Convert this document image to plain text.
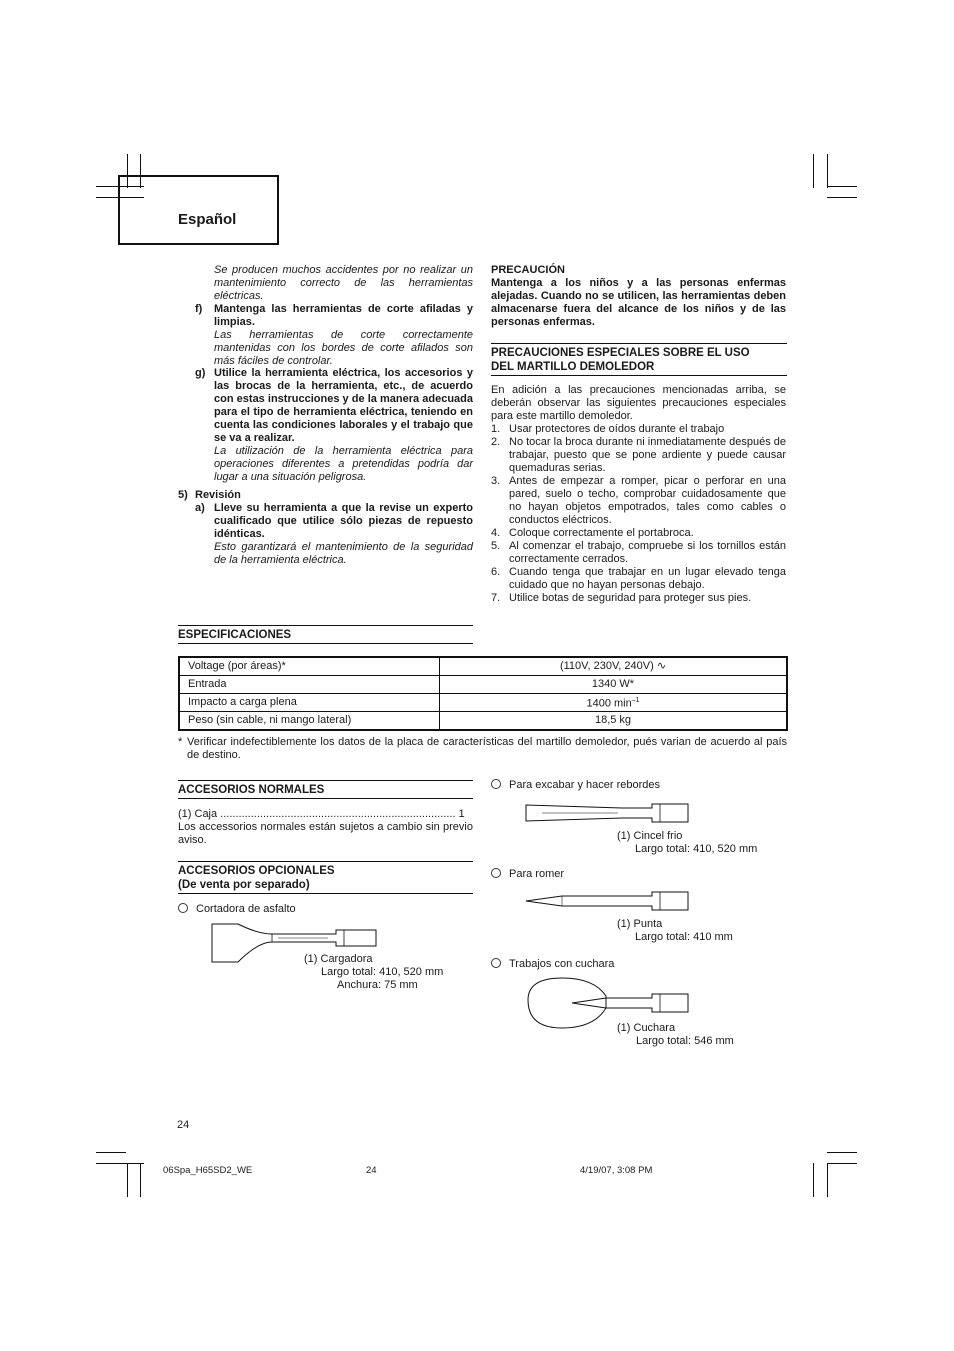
Español
Se producen muchos accidentes por no realizar un mantenimiento correcto de las herramientas eléctricas.
f) Mantenga las herramientas de corte afiladas y limpias.
Las herramientas de corte correctamente mantenidas con los bordes de corte afilados son más fáciles de controlar.
g) Utilice la herramienta eléctrica, los accesorios y las brocas de la herramienta, etc., de acuerdo con estas instrucciones y de la manera adecuada para el tipo de herramienta eléctrica, teniendo en cuenta las condiciones laborales y el trabajo que se va a realizar.
La utilización de la herramienta eléctrica para operaciones diferentes a pretendidas podría dar lugar a una situación peligrosa.
5) Revisión
a) Lleve su herramienta a que la revise un experto cualificado que utilice sólo piezas de repuesto idénticas.
Esto garantizará el mantenimiento de la seguridad de la herramienta eléctrica.
PRECAUCIÓN
Mantenga a los niños y a las personas enfermas alejadas. Cuando no se utilicen, las herramientas deben almacenarse fuera del alcance de los niños y de las personas enfermas.
PRECAUCIONES ESPECIALES SOBRE EL USO
DEL MARTILLO DEMOLEDOR
En adición a las precauciones mencionadas arriba, se deberán observar las siguientes precauciones especiales para este martillo demoledor.
1. Usar protectores de oídos durante el trabajo
2. No tocar la broca durante ni inmediatamente después de trabajar, puesto que se pone ardiente y puede causar quemaduras serias.
3. Antes de empezar a romper, picar o perforar en una pared, suelo o techo, comprobar cuidadosamente que no hayan objetos empotrados, tales como cables o conductos eléctricos.
4. Coloque correctamente el portabroca.
5. Al comenzar el trabajo, compruebe si los tornillos están correctamente cerrados.
6. Cuando tenga que trabajar en un lugar elevado tenga cuidado que no hayan personas debajo.
7. Utilice botas de seguridad para proteger sus pies.
ESPECIFICACIONES
Voltage (por áreas)*	(110V, 230V, 240V) ∿
Entrada	1340 W*
Impacto a carga plena	1400 $\min^{-1}$
Peso (sin cable, ni mango lateral)	18,5 kg
* Verificar indefectiblemente los datos de la placa de características del martillo demoledor, pués varian de acuerdo al país de destino.
ACCESORIOS NORMALES
(1) Caja ............................................................................. 1
Los accessorios normales están sujetos a cambio sin previo aviso.
ACCESORIOS OPCIONALES
(De venta por separado)
Cortadora de asfalto
(1) Cargadora
Largo total: 410, 520 mm
Anchura: 75 mm
Para excabar y hacer rebordes
(1) Cincel frio
Largo total: 410, 520 mm
Para romer
(1) Punta
Largo total: 410 mm
Trabajos con cuchara
(1) Cuchara
Largo total: 546 mm
24
06Spa_H65SD2_WE	24	4/19/07, 3:08 PM
